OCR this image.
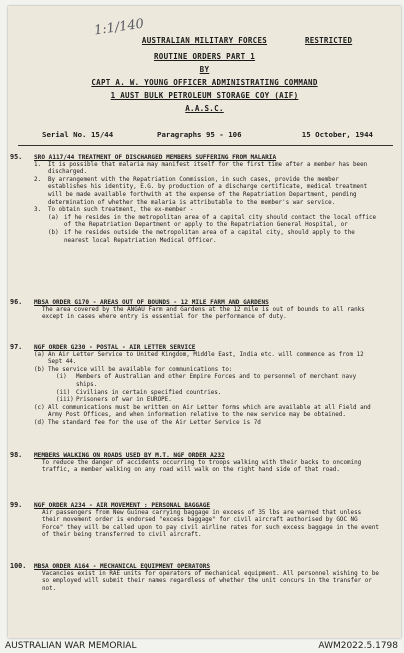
1:1/140
RESTRICTED
AUSTRALIAN MILITARY FORCES
ROUTINE ORDERS PART 1
BY
CAPT A. W. YOUNG OFFICER ADMINISTRATING COMMAND
1 AUST BULK PETROLEUM STORAGE COY (AIF)
A.A.S.C.
Serial No. 15/44	Paragraphs 95 - 106	15 October, 1944
95. SRO A117/44 TREATMENT OF DISCHARGED MEMBERS SUFFERING FROM MALARIA
1. It is possible that malaria may manifest itself for the first time after a member has been discharged.
2. By arrangement with the Repatriation Commission, in such cases, provide the member establishes his identity, E.G. by production of a discharge certificate, medical treatment will be made available forthwith at the expense of the Repatriation Department, pending determination of whether the malaria is attributable to the member's war service.
3. To obtain such treatment, the ex-member -
(a) if he resides in the metropolitan area of a capital city should contact the local office of the Repatriation Department or apply to the Repatriation General Hospital, or
(b) if he resides outside the metropolitan area of a capital city, should apply to the nearest local Repatriation Medical Officer.
96. MBSA ORDER G170 - AREAS OUT OF BOUNDS - 12 MILE FARM AND GARDENS
The area covered by the ANGAU Farm and Gardens at the 12 mile is out of bounds to all ranks except in cases where entry is essential for the performance of duty.
97. NGF ORDER G230 - POSTAL - AIR LETTER SERVICE
(a) An Air Letter Service to United Kingdom, Middle East, India etc. will commence as from 12 Sept 44.
(b) The service will be available for communications to:
(i) Members of Australian and other Empire Forces and to personnel of merchant navy ships.
(ii) Civilians in certain specified countries.
(iii) Prisoners of war in EUROPE.
(c) All communications must be written on Air Letter forms which are available at all Field and Army Post Offices, and when information relative to the new service may be obtained.
(d) The standard fee for the use of the Air Letter Service is 7d
98. MEMBERS WALKING ON ROADS USED BY M.T. NGF ORDER A232
To reduce the danger of accidents occurring to troops walking with their backs to oncoming traffic, a member walking on any road will walk on the right hand side of that road.
99. NGF ORDER A234 - AIR MOVEMENT : PERSONAL BAGGAGE
Air passengers from New Guinea carrying baggage in excess of 35 lbs are warned that unless their movement order is endorsed "excess baggage" for civil aircraft authorised by GOC NG Force" they will be called upon to pay civil airline rates for such excess baggage in the event of their being transferred to civil aircraft.
100. MBSA ORDER A164 - MECHANICAL EQUIPMENT OPERATORS
Vacancies exist in RAE units for operators of mechanical equipment. All personnel wishing to be so employed will submit their names regardless of whether the unit concurs in the transfer or not.
AUSTRALIAN WAR MEMORIAL	AWM2022.5.1798
